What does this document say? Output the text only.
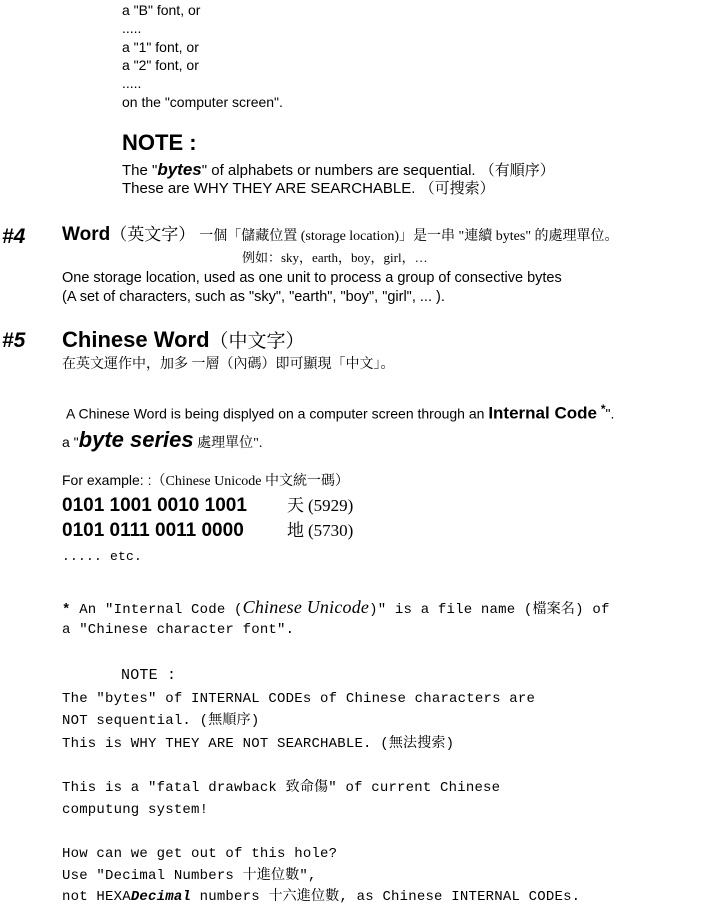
a "B" font, or
.....
a "1" font, or
a "2" font, or
.....
on the "computer screen".
NOTE :
The "bytes" of alphabets or numbers are sequential. （有順序）
These are WHY THEY ARE SEARCHABLE. （可搜索）
#4 Word（英文字） 一個「儲藏位置 (storage location)」是一串 "連續 bytes" 的處理單位。
例如：sky，earth，boy，girl，…
One storage location, used as one unit to process a group of consective bytes
(A set of characters, such as "sky", "earth", "boy", "girl", ... ).
#5 Chinese Word（中文字）
在英文運作中，加多 一層（內碼）即可顯現「中文」。
A Chinese Word is being displyed on a computer screen through an Internal Code *".
a "byte series 處理單位".
For example: :（Chinese Unicode 中文統一碼）
0101 1001 0010 1001 天 (5929)
0101 0111 0011 0000	地 (5730)
..... etc.
* An "Internal Code (Chinese Unicode)" is a file name (檔案名) of
a "Chinese character font".
NOTE :
The "bytes" of INTERNAL CODEs of Chinese characters are
NOT sequential. (無順序)
This is WHY THEY ARE NOT SEARCHABLE. (無法搜索)
This is a "fatal drawback 致命傷" of current Chinese
computung system!
How can we get out of this hole?
Use "Decimal Numbers 十進位數",
not HEXADecimal numbers 十六進位數, as Chinese INTERNAL CODEs.
